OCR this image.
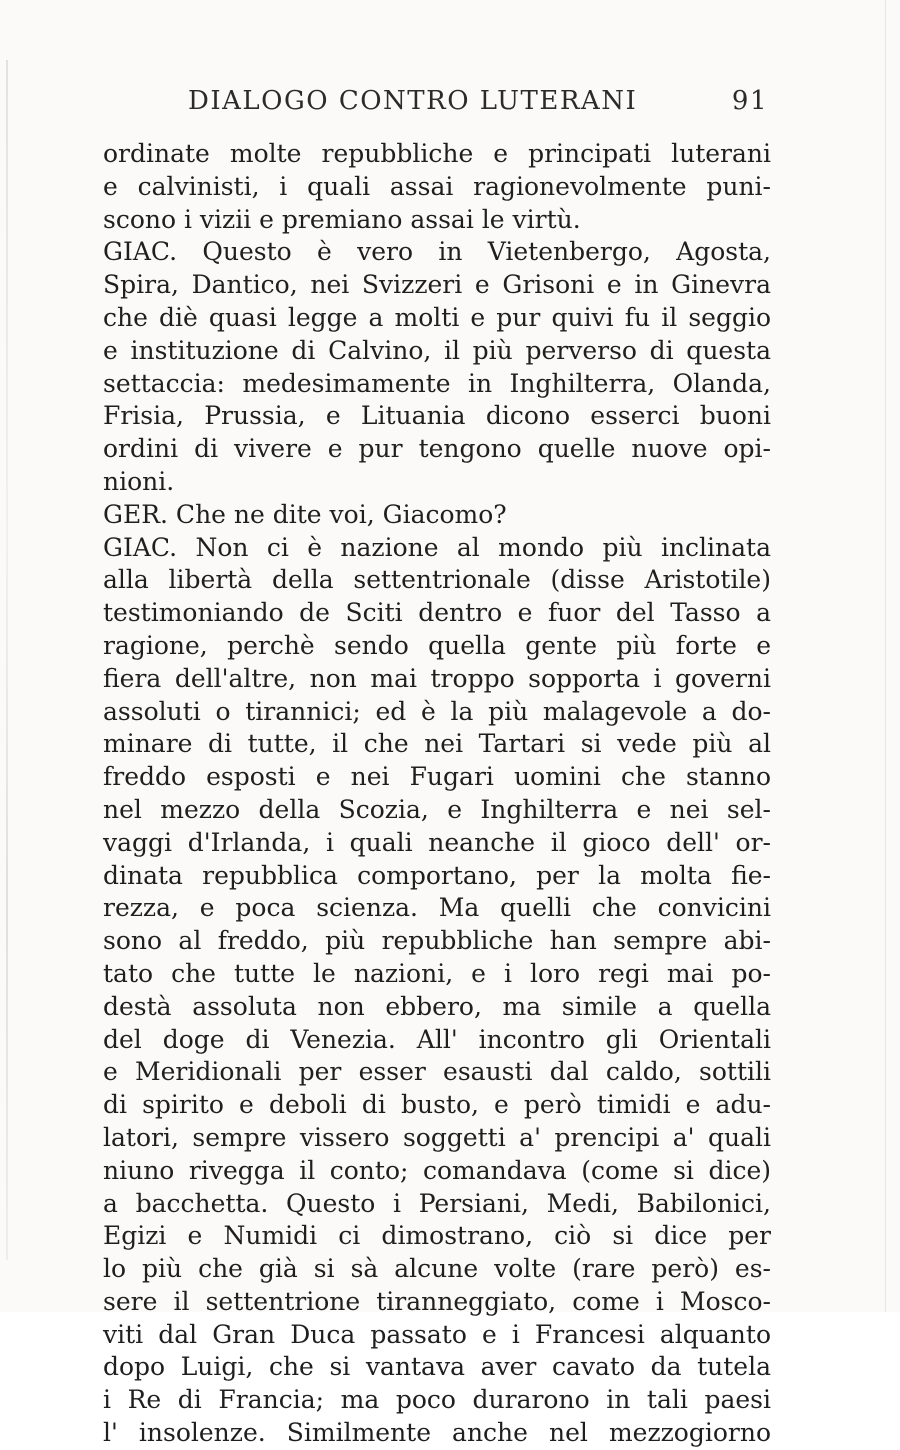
DIALOGO CONTRO LUTERANI	91
ordinate molte repubbliche e principati luterani
e calvinisti, i quali assai ragionevolmente puni-
scono i vizii e premiano assai le virtù.
GIAC. Questo è vero in Vietenbergo, Agosta,
Spira, Dantico, nei Svizzeri e Grisoni e in Ginevra
che diè quasi legge a molti e pur quivi fu il seggio
e instituzione di Calvino, il più perverso di questa
settaccia: medesimamente in Inghilterra, Olanda,
Frisia, Prussia, e Lituania dicono esserci buoni
ordini di vivere e pur tengono quelle nuove opi-
nioni.
GER. Che ne dite voi, Giacomo?
GIAC. Non ci è nazione al mondo più inclinata
alla libertà della settentrionale (disse Aristotile)
testimoniando de Sciti dentro e fuor del Tasso a
ragione, perchè sendo quella gente più forte e
fiera dell'altre, non mai troppo sopporta i governi
assoluti o tirannici; ed è la più malagevole a do-
minare di tutte, il che nei Tartari si vede più al
freddo esposti e nei Fugari uomini che stanno
nel mezzo della Scozia, e Inghilterra e nei sel-
vaggi d'Irlanda, i quali neanche il gioco dell' or-
dinata repubblica comportano, per la molta fie-
rezza, e poca scienza. Ma quelli che convicini
sono al freddo, più repubbliche han sempre abi-
tato che tutte le nazioni, e i loro regi mai po-
destà assoluta non ebbero, ma simile a quella
del doge di Venezia. All' incontro gli Orientali
e Meridionali per esser esausti dal caldo, sottili
di spirito e deboli di busto, e però timidi e adu-
latori, sempre vissero soggetti a' prencipi a' quali
niuno rivegga il conto; comandava (come si dice)
a bacchetta. Questo i Persiani, Medi, Babilonici,
Egizi e Numidi ci dimostrano, ciò si dice per
lo più che già si sà alcune volte (rare però) es-
sere il settentrione tiranneggiato, come i Mosco-
viti dal Gran Duca passato e i Francesi alquanto
dopo Luigi, che si vantava aver cavato da tutela
i Re di Francia; ma poco durarono in tali paesi
l' insolenze. Similmente anche nel mezzogiorno
